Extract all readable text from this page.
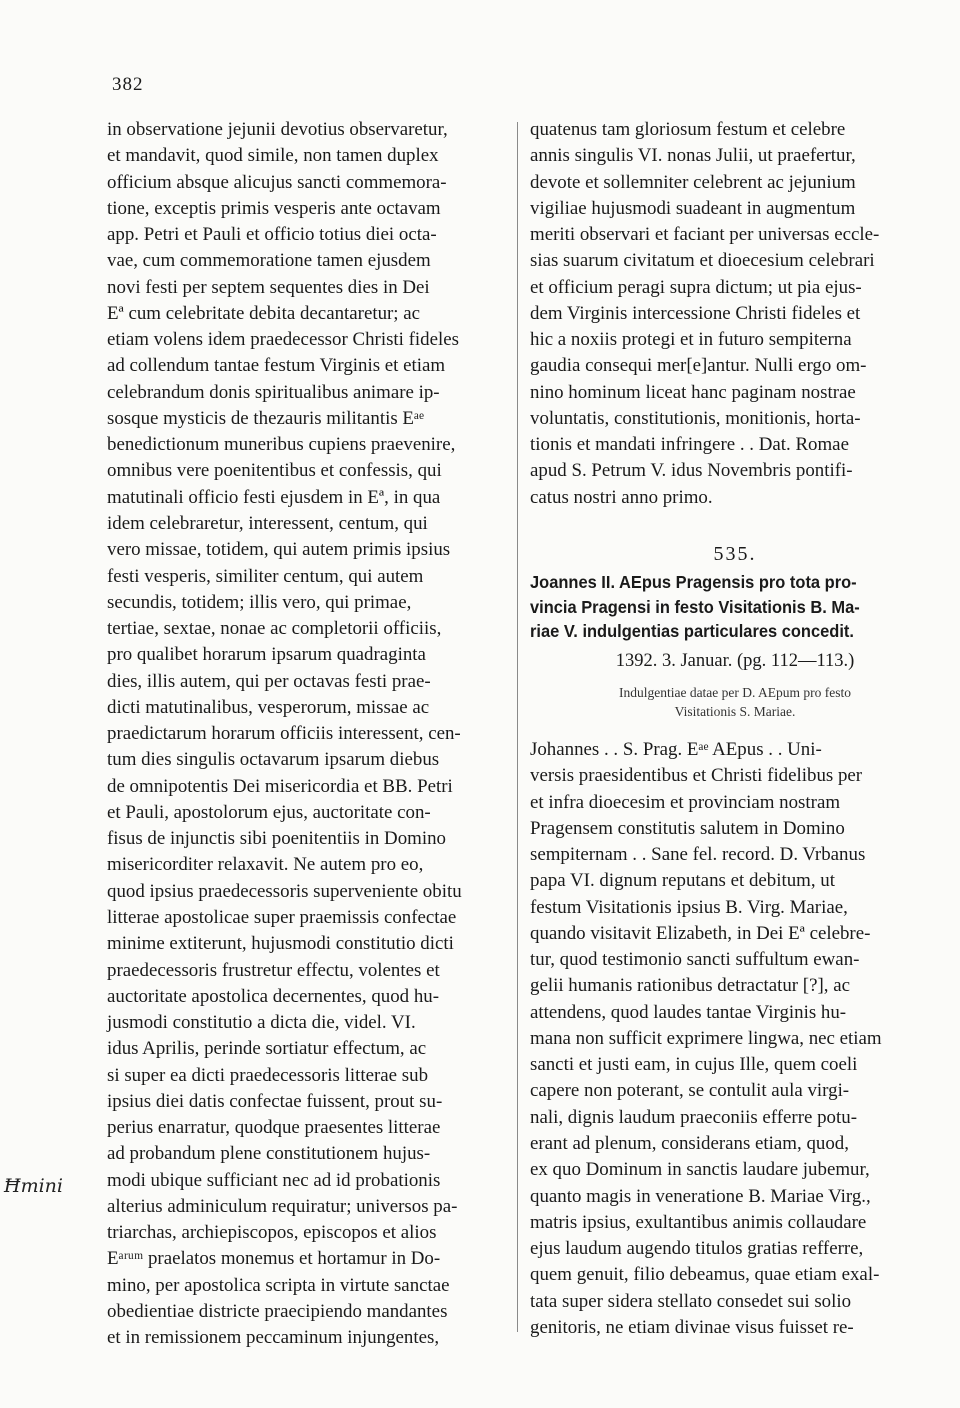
382
in observatione jejunii devotius observaretur,
et mandavit, quod simile, non tamen duplex
officium absque alicujus sancti commemora-
tione, exceptis primis vesperis ante octavam
app. Petri et Pauli et officio totius diei octa-
vae, cum commemoratione tamen ejusdem
novi festi per septem sequentes dies in Dei
Eª cum celebritate debita decantaretur; ac
etiam volens idem praedecessor Christi fideles
ad collendum tantae festum Virginis et etiam
celebrandum donis spiritualibus animare ip-
sosque mysticis de thezauris militantis Eᵃᵉ
benedictionum muneribus cupiens praevenire,
omnibus vere poenitentibus et confessis, qui
matutinali officio festi ejusdem in Eª, in qua
idem celebraretur, interessent, centum, qui
vero missae, totidem, qui autem primis ipsius
festi vesperis, similiter centum, qui autem
secundis, totidem; illis vero, qui primae,
tertiae, sextae, nonae ac completorii officiis,
pro qualibet horarum ipsarum quadraginta
dies, illis autem, qui per octavas festi prae-
dicti matutinalibus, vesperorum, missae ac
praedictarum horarum officiis interessent, cen-
tum dies singulis octavarum ipsarum diebus
de omnipotentis Dei misericordia et BB. Petri
et Pauli, apostolorum ejus, auctoritate con-
fisus de injunctis sibi poenitentiis in Domino
misericorditer relaxavit. Ne autem pro eo,
quod ipsius praedecessoris superveniente obitu
litterae apostolicae super praemissis confectae
minime extiterunt, hujusmodi constitutio dicti
praedecessoris frustretur effectu, volentes et
auctoritate apostolica decernentes, quod hu-
jusmodi constitutio a dicta die, videl. VI.
idus Aprilis, perinde sortiatur effectum, ac
si super ea dicti praedecessoris litterae sub
ipsius diei datis confectae fuissent, prout su-
perius enarratur, quodque praesentes litterae
ad probandum plene constitutionem hujus-
modi ubique sufficiant nec ad id probationis
alterius adminiculum requiratur; universos pa-
triarchas, archiepiscopos, episcopos et alios
Eᵃʳᵘᵐ praelatos monemus et hortamur in Do-
mino, per apostolica scripta in virtute sanctae
obedientiae districte praecipiendo mandantes
et in remissionem peccaminum injungentes,
quatenus tam gloriosum festum et celebre
annis singulis VI. nonas Julii, ut praefertur,
devote et sollemniter celebrent ac jejunium
vigiliae hujusmodi suadeant in augmentum
meriti observari et faciant per universas eccle-
sias suarum civitatum et dioecesium celebrari
et officium peragi supra dictum; ut pia ejus-
dem Virginis intercessione Christi fideles et
hic a noxiis protegi et in futuro sempiterna
gaudia consequi mer[e]antur. Nulli ergo om-
nino hominum liceat hanc paginam nostrae
voluntatis, constitutionis, monitionis, horta-
tionis et mandati infringere . . Dat. Romae
apud S. Petrum V. idus Novembris pontifi-
catus nostri anno primo.
535.
Joannes II. AEpus Pragensis pro tota pro-
vincia Pragensi in festo Visitationis B. Ma-
riae V. indulgentias particulares concedit.
1392. 3. Januar. (pg. 112—113.)
Indulgentiae datae per D. AEpum pro festo
Visitationis S. Mariae.
Johannes . . S. Prag. Eᵃᵉ AEpus . . Uni-
versis praesidentibus et Christi fidelibus per
et infra dioecesim et provinciam nostram
Pragensem constitutis salutem in Domino
sempiternam . . Sane fel. record. D. Vrbanus
papa VI. dignum reputans et debitum, ut
festum Visitationis ipsius B. Virg. Mariae,
quando visitavit Elizabeth, in Dei Eª celebre-
tur, quod testimonio sancti suffultum ewan-
gelii humanis rationibus detractatur [?], ac
attendens, quod laudes tantae Virginis hu-
mana non sufficit exprimere lingwa, nec etiam
sancti et justi eam, in cujus Ille, quem coeli
capere non poterant, se contulit aula virgi-
nali, dignis laudum praeconiis efferre potu-
erant ad plenum, considerans etiam, quod,
ex quo Dominum in sanctis laudare jubemur,
quanto magis in veneratione B. Mariae Virg.,
matris ipsius, exultantibus animis collaudare
ejus laudum augendo titulos gratias refferre,
quem genuit, filio debeamus, quae etiam exal-
tata super sidera stellato consedet sui solio
genitoris, ne etiam divinae visus fuisset re-
Ħmini
